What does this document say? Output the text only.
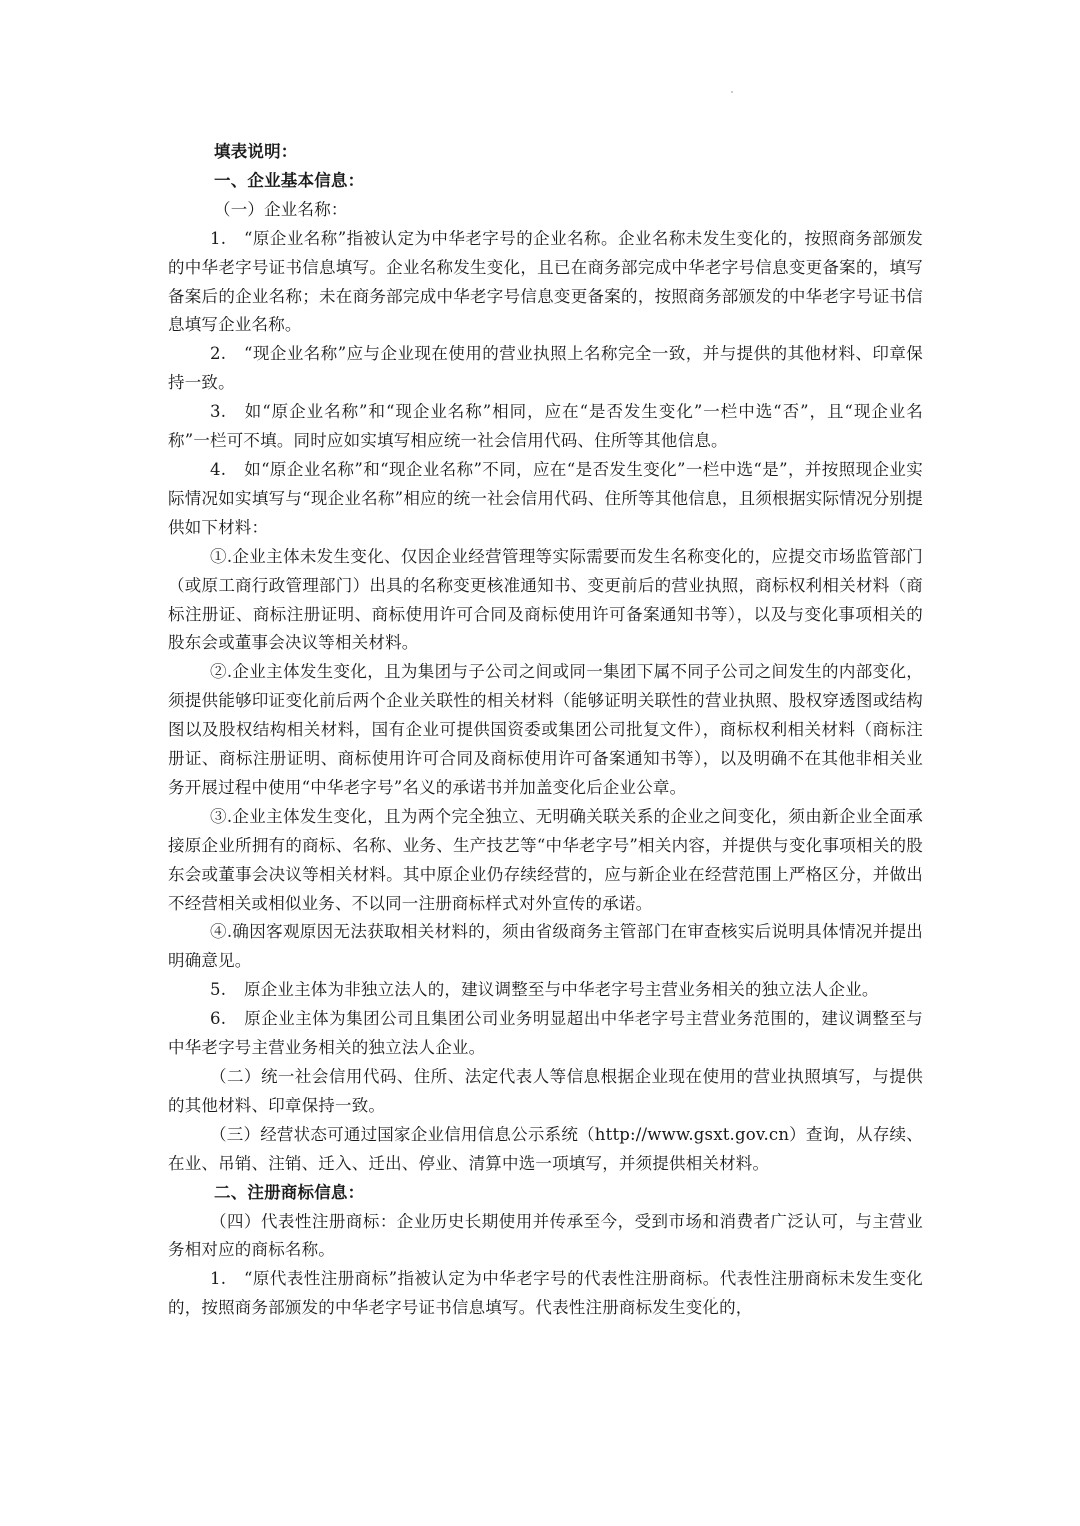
填表说明：

一、企业基本信息：

（一）企业名称：

1. “原企业名称”指被认定为中华老字号的企业名称。企业名称未发生变化的，按照商务部颁发的中华老字号证书信息填写。企业名称发生变化，且已在商务部完成中华老字号信息变更备案的，填写备案后的企业名称；未在商务部完成中华老字号信息变更备案的，按照商务部颁发的中华老字号证书信息填写企业名称。

2. “现企业名称”应与企业现在使用的营业执照上名称完全一致，并与提供的其他材料、印章保持一致。

3. 如“原企业名称”和“现企业名称”相同，应在“是否发生变化”一栏中选“否”，且“现企业名称”一栏可不填。同时应如实填写相应统一社会信用代码、住所等其他信息。

4. 如“原企业名称”和“现企业名称”不同，应在“是否发生变化”一栏中选“是”，并按照现企业实际情况如实填写与“现企业名称”相应的统一社会信用代码、住所等其他信息，且须根据实际情况分别提供如下材料：

①.企业主体未发生变化、仅因企业经营管理等实际需要而发生名称变化的，应提交市场监管部门（或原工商行政管理部门）出具的名称变更核准通知书、变更前后的营业执照，商标权利相关材料（商标注册证、商标注册证明、商标使用许可合同及商标使用许可备案通知书等），以及与变化事项相关的股东会或董事会决议等相关材料。

②.企业主体发生变化，且为集团与子公司之间或同一集团下属不同子公司之间发生的内部变化，须提供能够印证变化前后两个企业关联性的相关材料（能够证明关联性的营业执照、股权穿透图或结构图以及股权结构相关材料，国有企业可提供国资委或集团公司批复文件），商标权利相关材料（商标注册证、商标注册证明、商标使用许可合同及商标使用许可备案通知书等），以及明确不在其他非相关业务开展过程中使用“中华老字号”名义的承诺书并加盖变化后企业公章。

③.企业主体发生变化，且为两个完全独立、无明确关联关系的企业之间变化，须由新企业全面承接原企业所拥有的商标、名称、业务、生产技艺等“中华老字号”相关内容，并提供与变化事项相关的股东会或董事会决议等相关材料。其中原企业仍存续经营的，应与新企业在经营范围上严格区分，并做出不经营相关或相似业务、不以同一注册商标样式对外宣传的承诺。

④.确因客观原因无法获取相关材料的，须由省级商务主管部门在审查核实后说明具体情况并提出明确意见。

5. 原企业主体为非独立法人的，建议调整至与中华老字号主营业务相关的独立法人企业。

6. 原企业主体为集团公司且集团公司业务明显超出中华老字号主营业务范围的，建议调整至与中华老字号主营业务相关的独立法人企业。

（二）统一社会信用代码、住所、法定代表人等信息根据企业现在使用的营业执照填写，与提供的其他材料、印章保持一致。

（三）经营状态可通过国家企业信用信息公示系统（http://www.gsxt.gov.cn）查询，从存续、在业、吊销、注销、迁入、迁出、停业、清算中选一项填写，并须提供相关材料。

二、注册商标信息：

（四）代表性注册商标：企业历史长期使用并传承至今，受到市场和消费者广泛认可，与主营业务相对应的商标名称。

1. “原代表性注册商标”指被认定为中华老字号的代表性注册商标。代表性注册商标未发生变化的，按照商务部颁发的中华老字号证书信息填写。代表性注册商标发生变化的，
